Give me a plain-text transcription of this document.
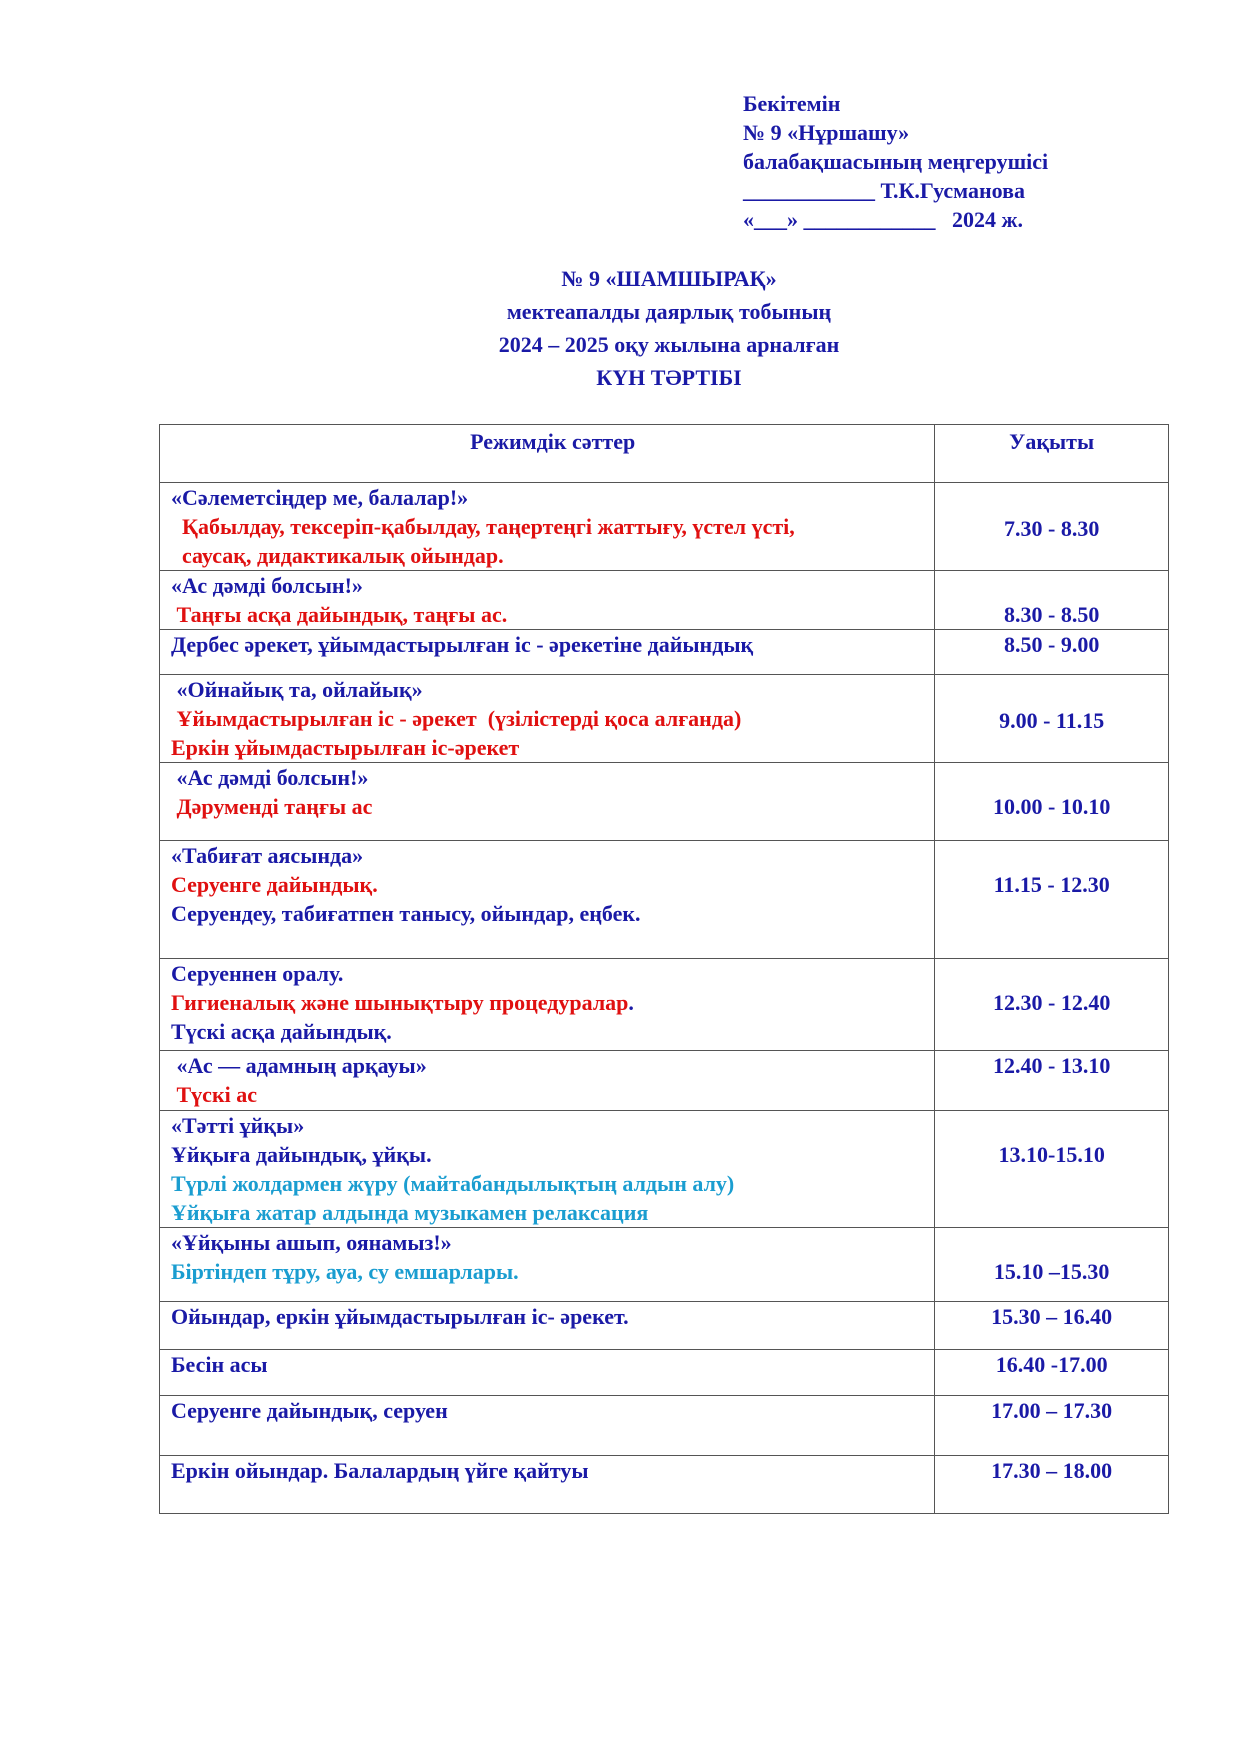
Бекітемін
№ 9 «Нұршашу»
балабақшасының меңгерушісі
____________ Т.К.Гусманова
«___» ____________   2024 ж.
№ 9 «ШАМШЫРАҚ»
мектеапалды даярлық тобының
2024 – 2025 оқу жылына арналған
КҮН ТӘРТІБІ
Режимдік сәттер	Уақыты

«Сәлеметсіңдер ме, балалар!»
Қабылдау, тексеріп-қабылдау, таңертеңгі жаттығу, үстел үсті,
саусақ, дидактикалық ойындар.	7.30 - 8.30

«Ас дәмді болсын!»
Таңғы асқа дайындық, таңғы ас.	8.30 - 8.50

Дербес әрекет, ұйымдастырылған іс - әрекетіне дайындық	8.50 - 9.00

«Ойнайық та, ойлайық»
Ұйымдастырылған іс - әрекет  (үзілістерді қоса алғанда)
Еркін ұйымдастырылған іс-әрекет	9.00 - 11.15

«Ас дәмді болсын!»
Дәрумендi таңғы ас	10.00 - 10.10

«Табиғат аясында»
Серуенге дайындық.
Серуендеу, табиғатпен танысу, ойындар, еңбек.	11.15 - 12.30

Серуеннен оралу.
Гигиеналық және шынықтыру процедуралар.
Түскі асқа дайындық.	12.30 - 12.40

«Ас — адамның арқауы»
Түскі ас	12.40 - 13.10

«Тәтті ұйқы»
Ұйқыға дайындық, ұйқы.
Түрлі жолдармен жүру (майтабандылықтың алдын алу)
Ұйқыға жатар алдында музыкамен релаксация	13.10-15.10

«Ұйқыны ашып, оянамыз!»
Біртіндеп тұру, ауа, су емшарлары.	15.10 –15.30

Ойындар, еркін ұйымдастырылған іс- әрекет.	15.30 – 16.40

Бесін асы	16.40 -17.00

Серуенге дайындық, серуен	17.00 – 17.30

Еркін ойындар. Балалардың үйге қайтуы	17.30 – 18.00
